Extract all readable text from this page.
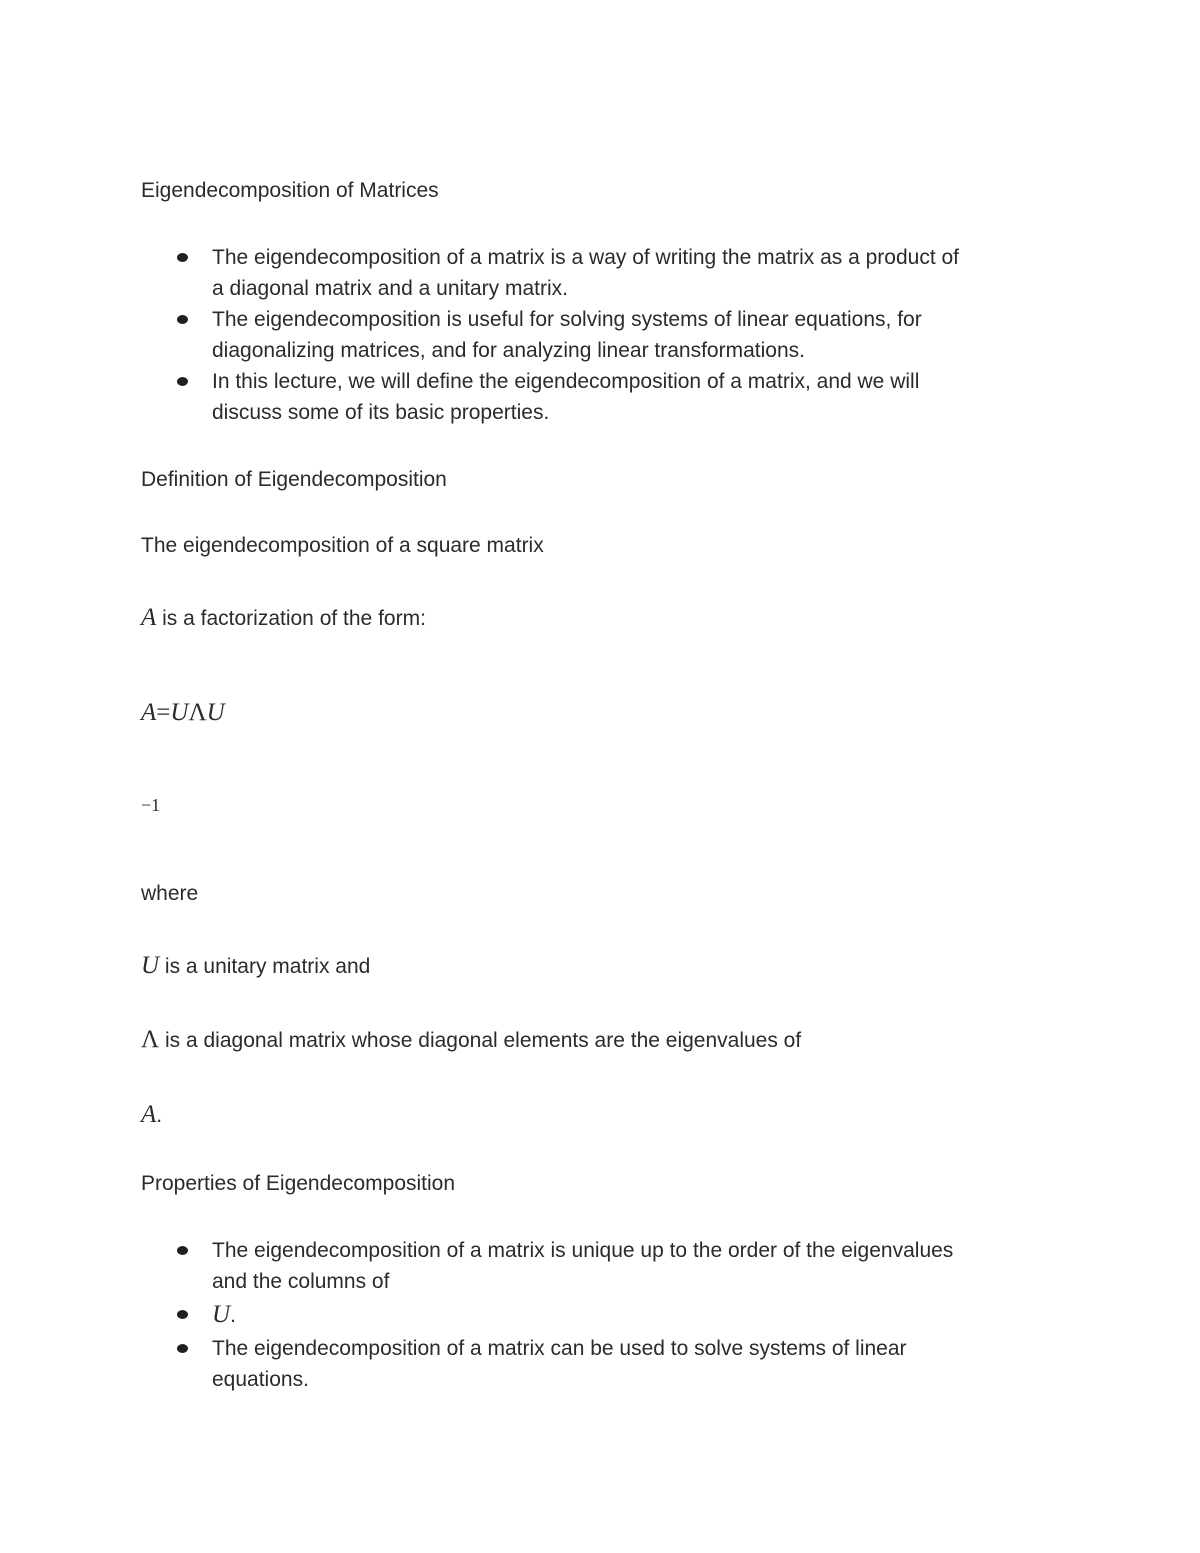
Eigendecomposition of Matrices

The eigendecomposition of a matrix is a way of writing the matrix as a product of
a diagonal matrix and a unitary matrix.
The eigendecomposition is useful for solving systems of linear equations, for
diagonalizing matrices, and for analyzing linear transformations.
In this lecture, we will define the eigendecomposition of a matrix, and we will
discuss some of its basic properties.

Definition of Eigendecomposition

The eigendecomposition of a square matrix

A is a factorization of the form:

A=UΛU

−1

where

U is a unitary matrix and

Λ is a diagonal matrix whose diagonal elements are the eigenvalues of

A.

Properties of Eigendecomposition

The eigendecomposition of a matrix is unique up to the order of the eigenvalues
and the columns of
U.
The eigendecomposition of a matrix can be used to solve systems of linear
equations.
